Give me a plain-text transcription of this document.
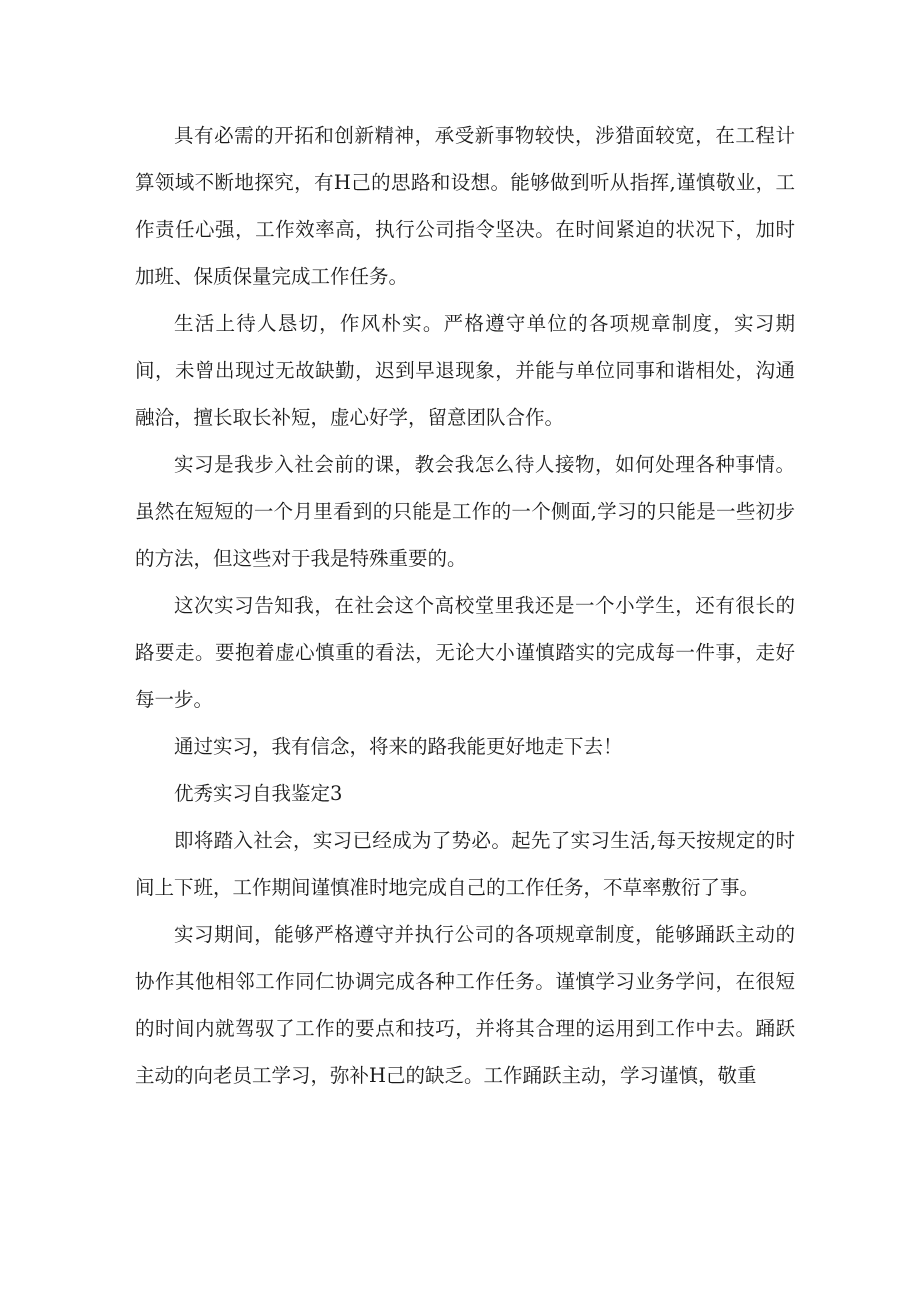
具有必需的开拓和创新精神，承受新事物较快，涉猎面较宽，在工程计算领域不断地探究，有H己的思路和设想。能够做到听从指挥,谨慎敬业，工作责任心强，工作效率高，执行公司指令坚决。在时间紧迫的状况下，加时加班、保质保量完成工作任务。

生活上待人恳切，作风朴实。严格遵守单位的各项规章制度，实习期间，未曾出现过无故缺勤，迟到早退现象，并能与单位同事和谐相处，沟通融洽，擅长取长补短，虚心好学，留意团队合作。

实习是我步入社会前的课，教会我怎么待人接物，如何处理各种事情。虽然在短短的一个月里看到的只能是工作的一个侧面,学习的只能是一些初步的方法，但这些对于我是特殊重要的。

这次实习告知我，在社会这个高校堂里我还是一个小学生，还有很长的路要走。要抱着虚心慎重的看法，无论大小谨慎踏实的完成每一件事，走好每一步。

通过实习，我有信念，将来的路我能更好地走下去！

优秀实习自我鉴定3

即将踏入社会，实习已经成为了势必。起先了实习生活,每天按规定的时间上下班，工作期间谨慎准时地完成自己的工作任务，不草率敷衍了事。

实习期间，能够严格遵守并执行公司的各项规章制度，能够踊跃主动的协作其他相邻工作同仁协调完成各种工作任务。谨慎学习业务学问，在很短的时间内就驾驭了工作的要点和技巧，并将其合理的运用到工作中去。踊跃主动的向老员工学习，弥补H己的缺乏。工作踊跃主动，学习谨慎，敬重
